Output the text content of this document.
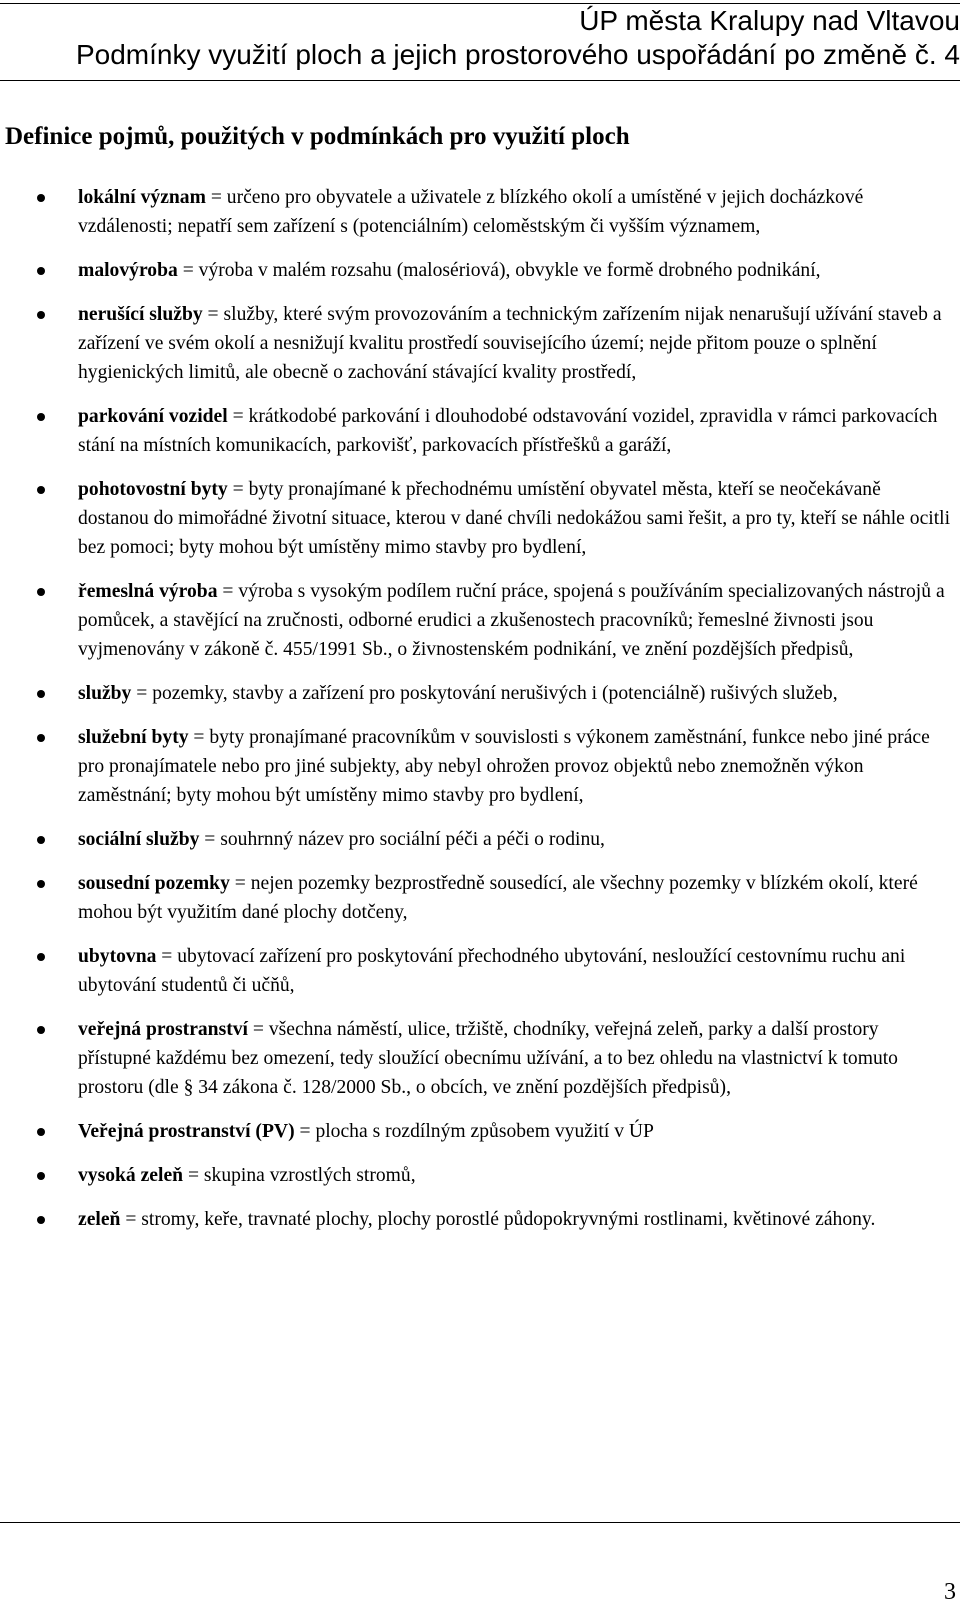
ÚP města Kralupy nad Vltavou
Podmínky využití ploch a jejich prostorového uspořádání po změně č. 4
Definice pojmů, použitých v podmínkách pro využití ploch
lokální význam = určeno pro obyvatele a uživatele z blízkého okolí a umístěné v jejich docházkové vzdálenosti; nepatří sem zařízení s (potenciálním) celoměstským či vyšším významem,
malovýroba = výroba v malém rozsahu (malosériová), obvykle ve formě drobného podnikání,
nerušící služby = služby, které svým provozováním a technickým zařízením nijak nenarušují užívání staveb a zařízení ve svém okolí a nesnižují kvalitu prostředí souvisejícího území; nejde přitom pouze o splnění hygienických limitů, ale obecně o zachování stávající kvality prostředí,
parkování vozidel = krátkodobé parkování i dlouhodobé odstavování vozidel, zpravidla v rámci parkovacích stání na místních komunikacích, parkovišť, parkovacích přístřešků a garáží,
pohotovostní byty = byty pronajímané k přechodnému umístění obyvatel města, kteří se neočekávaně dostanou do mimořádné životní situace, kterou v dané chvíli nedokážou sami řešit, a pro ty, kteří se náhle ocitli bez pomoci; byty mohou být umístěny mimo stavby pro bydlení,
řemeslná výroba = výroba s vysokým podílem ruční práce, spojená s používáním specializovaných nástrojů a pomůcek, a stavějící na zručnosti, odborné erudici a zkušenostech pracovníků; řemeslné živnosti jsou vyjmenovány v zákoně č. 455/1991 Sb., o živnostenském podnikání, ve znění pozdějších předpisů,
služby = pozemky, stavby a zařízení pro poskytování nerušivých i (potenciálně) rušivých služeb,
služební byty = byty pronajímané pracovníkům v souvislosti s výkonem zaměstnání, funkce nebo jiné práce pro pronajímatele nebo pro jiné subjekty, aby nebyl ohrožen provoz objektů nebo znemožněn výkon zaměstnání; byty mohou být umístěny mimo stavby pro bydlení,
sociální služby = souhrnný název pro sociální péči a péči o rodinu,
sousední pozemky = nejen pozemky bezprostředně sousedící, ale všechny pozemky v blízkém okolí, které mohou být využitím dané plochy dotčeny,
ubytovna = ubytovací zařízení pro poskytování přechodného ubytování, nesloužící cestovnímu ruchu ani ubytování studentů či učňů,
veřejná prostranství = všechna náměstí, ulice, tržiště, chodníky, veřejná zeleň, parky a další prostory přístupné každému bez omezení, tedy sloužící obecnímu užívání, a to bez ohledu na vlastnictví k tomuto prostoru (dle § 34 zákona č. 128/2000 Sb., o obcích, ve znění pozdějších předpisů),
Veřejná prostranství (PV) = plocha s rozdílným způsobem využití v ÚP
vysoká zeleň = skupina vzrostlých stromů,
zeleň = stromy, keře, travnaté plochy, plochy porostlé půdopokryvnými rostlinami, květinové záhony.
3
